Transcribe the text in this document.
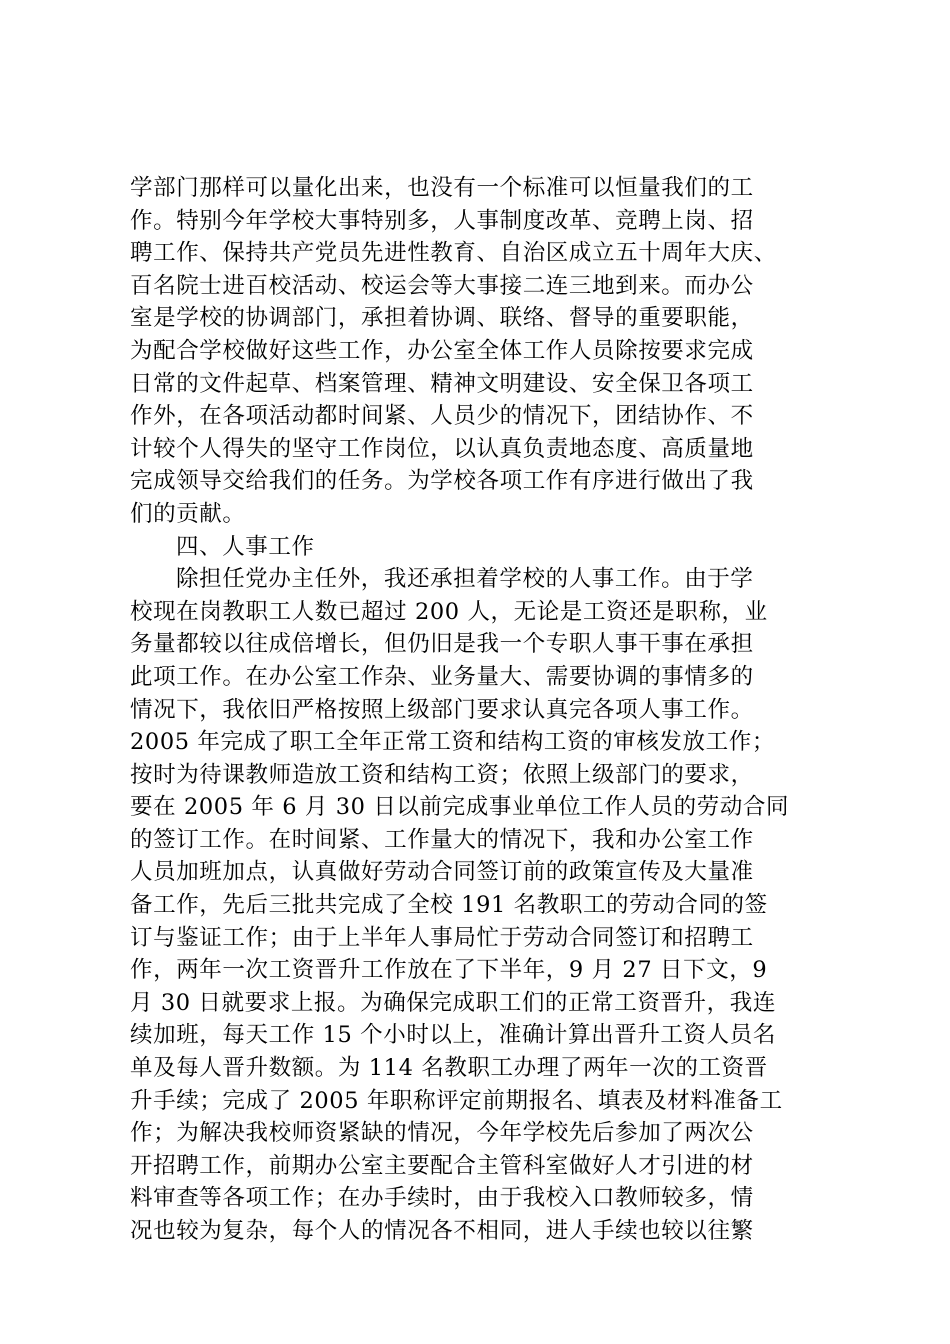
学部门那样可以量化出来，也没有一个标准可以恒量我们的工
作。特别今年学校大事特别多，人事制度改革、竞聘上岗、招
聘工作、保持共产党员先进性教育、自治区成立五十周年大庆、
百名院士进百校活动、校运会等大事接二连三地到来。而办公
室是学校的协调部门，承担着协调、联络、督导的重要职能，
为配合学校做好这些工作，办公室全体工作人员除按要求完成
日常的文件起草、档案管理、精神文明建设、安全保卫各项工
作外，在各项活动都时间紧、人员少的情况下，团结协作、不
计较个人得失的坚守工作岗位，以认真负责地态度、高质量地
完成领导交给我们的任务。为学校各项工作有序进行做出了我
们的贡献。
四、人事工作
除担任党办主任外，我还承担着学校的人事工作。由于学
校现在岗教职工人数已超过 200 人，无论是工资还是职称，业
务量都较以往成倍增长，但仍旧是我一个专职人事干事在承担
此项工作。在办公室工作杂、业务量大、需要协调的事情多的
情况下，我依旧严格按照上级部门要求认真完各项人事工作。
2005 年完成了职工全年正常工资和结构工资的审核发放工作；
按时为待课教师造放工资和结构工资；依照上级部门的要求，
要在 2005 年 6 月 30 日以前完成事业单位工作人员的劳动合同
的签订工作。在时间紧、工作量大的情况下，我和办公室工作
人员加班加点，认真做好劳动合同签订前的政策宣传及大量准
备工作，先后三批共完成了全校 191 名教职工的劳动合同的签
订与鉴证工作；由于上半年人事局忙于劳动合同签订和招聘工
作，两年一次工资晋升工作放在了下半年，9 月 27 日下文，9
月 30 日就要求上报。为确保完成职工们的正常工资晋升，我连
续加班，每天工作 15 个小时以上，准确计算出晋升工资人员名
单及每人晋升数额。为 114 名教职工办理了两年一次的工资晋
升手续；完成了 2005 年职称评定前期报名、填表及材料准备工
作；为解决我校师资紧缺的情况，今年学校先后参加了两次公
开招聘工作，前期办公室主要配合主管科室做好人才引进的材
料审查等各项工作；在办手续时，由于我校入口教师较多，情
况也较为复杂，每个人的情况各不相同，进人手续也较以往繁
